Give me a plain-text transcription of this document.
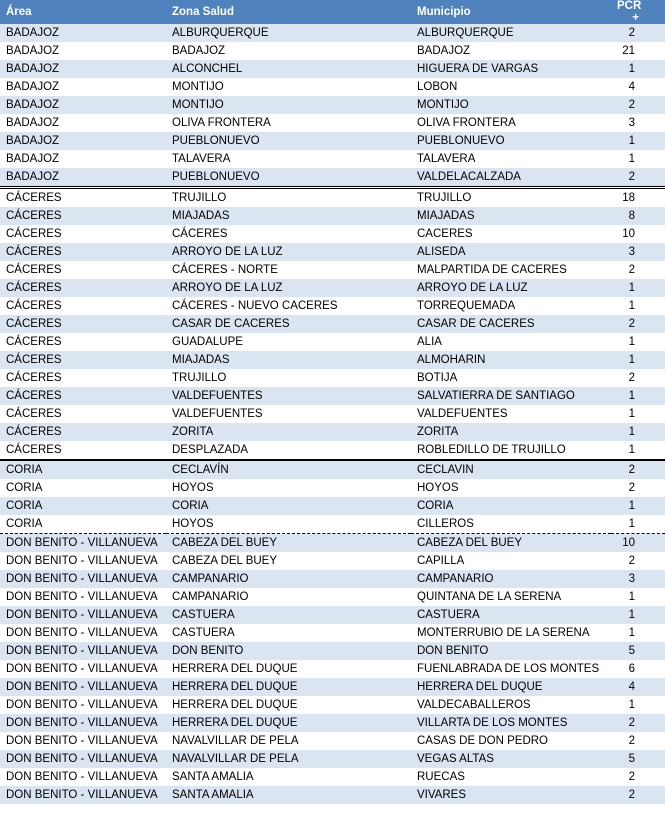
Área	Zona Salud	Municipio	PCR +
BADAJOZ	ALBURQUERQUE	ALBURQUERQUE	2
BADAJOZ	BADAJOZ	BADAJOZ	21
BADAJOZ	ALCONCHEL	HIGUERA DE VARGAS	1
BADAJOZ	MONTIJO	LOBON	4
BADAJOZ	MONTIJO	MONTIJO	2
BADAJOZ	OLIVA FRONTERA	OLIVA FRONTERA	3
BADAJOZ	PUEBLONUEVO	PUEBLONUEVO	1
BADAJOZ	TALAVERA	TALAVERA	1
BADAJOZ	PUEBLONUEVO	VALDELACALZADA	2
CÁCERES	TRUJILLO	TRUJILLO	18
CÁCERES	MIAJADAS	MIAJADAS	8
CÁCERES	CÁCERES	CACERES	10
CÁCERES	ARROYO DE LA LUZ	ALISEDA	3
CÁCERES	CÁCERES - NORTE	MALPARTIDA DE CACERES	2
CÁCERES	ARROYO DE LA LUZ	ARROYO DE LA LUZ	1
CÁCERES	CÁCERES - NUEVO CACERES	TORREQUEMADA	1
CÁCERES	CASAR DE CACERES	CASAR DE CACERES	2
CÁCERES	GUADALUPE	ALIA	1
CÁCERES	MIAJADAS	ALMOHARIN	1
CÁCERES	TRUJILLO	BOTIJA	2
CÁCERES	VALDEFUENTES	SALVATIERRA DE SANTIAGO	1
CÁCERES	VALDEFUENTES	VALDEFUENTES	1
CÁCERES	ZORITA	ZORITA	1
CÁCERES	DESPLAZADA	ROBLEDILLO DE TRUJILLO	1
CORIA	CECLAVÍN	CECLAVIN	2
CORIA	HOYOS	HOYOS	2
CORIA	CORIA	CORIA	1
CORIA	HOYOS	CILLEROS	1
DON BENITO - VILLANUEVA	CABEZA DEL BUEY	CABEZA DEL BUEY	10
DON BENITO - VILLANUEVA	CABEZA DEL BUEY	CAPILLA	2
DON BENITO - VILLANUEVA	CAMPANARIO	CAMPANARIO	3
DON BENITO - VILLANUEVA	CAMPANARIO	QUINTANA DE LA SERENA	1
DON BENITO - VILLANUEVA	CASTUERA	CASTUERA	1
DON BENITO - VILLANUEVA	CASTUERA	MONTERRUBIO DE LA SERENA	1
DON BENITO - VILLANUEVA	DON BENITO	DON BENITO	5
DON BENITO - VILLANUEVA	HERRERA DEL DUQUE	FUENLABRADA DE LOS MONTES	6
DON BENITO - VILLANUEVA	HERRERA DEL DUQUE	HERRERA DEL DUQUE	4
DON BENITO - VILLANUEVA	HERRERA DEL DUQUE	VALDECABALLEROS	1
DON BENITO - VILLANUEVA	HERRERA DEL DUQUE	VILLARTA DE LOS MONTES	2
DON BENITO - VILLANUEVA	NAVALVILLAR DE PELA	CASAS DE DON PEDRO	2
DON BENITO - VILLANUEVA	NAVALVILLAR DE PELA	VEGAS ALTAS	5
DON BENITO - VILLANUEVA	SANTA AMALIA	RUECAS	2
DON BENITO - VILLANUEVA	SANTA AMALIA	VIVARES	2
